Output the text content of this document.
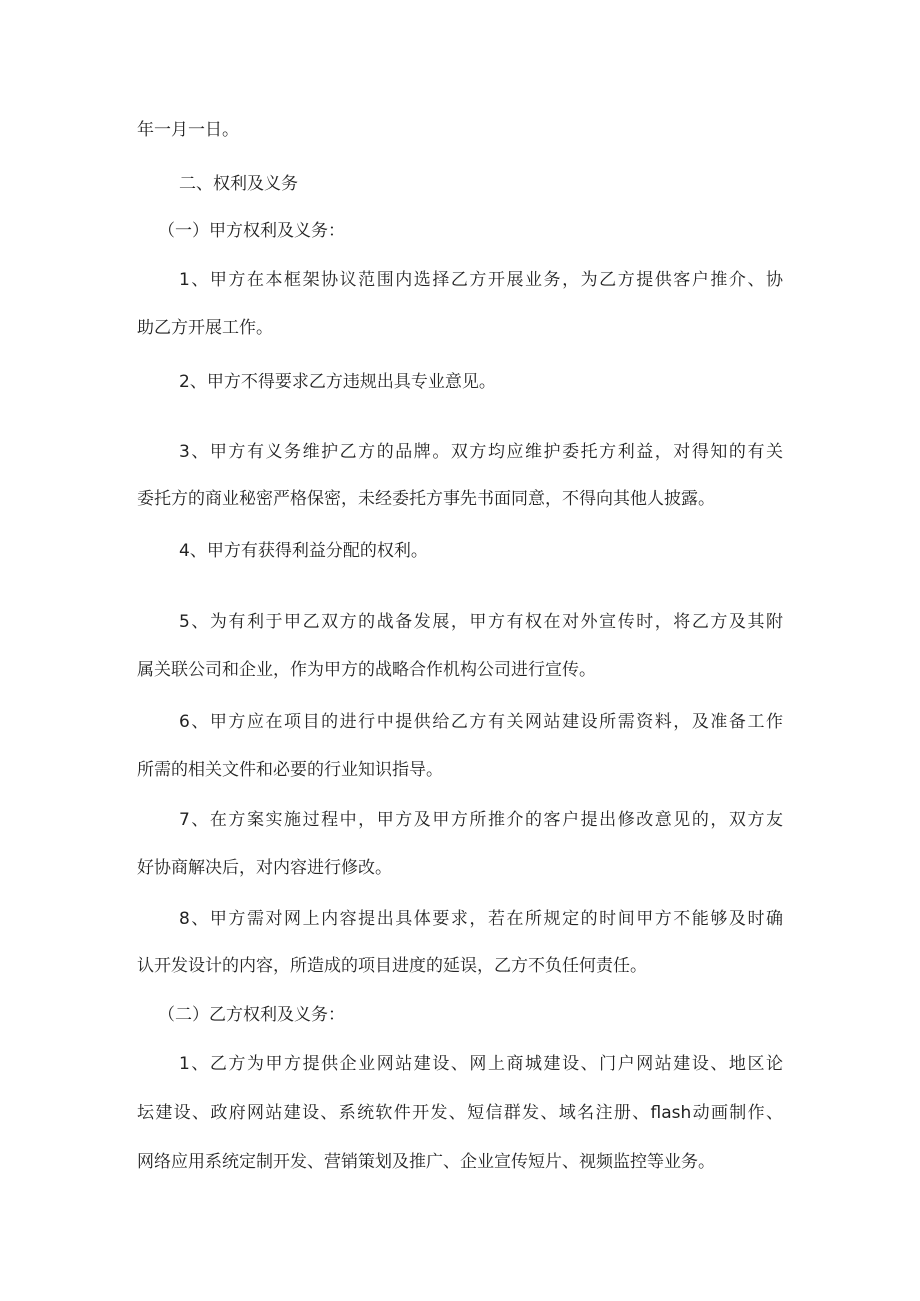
年一月一日。
二、权利及义务
（一）甲方权利及义务：
1、甲方在本框架协议范围内选择乙方开展业务，为乙方提供客户推介、协
助乙方开展工作。
2、甲方不得要求乙方违规出具专业意见。
3、甲方有义务维护乙方的品牌。双方均应维护委托方利益，对得知的有关
委托方的商业秘密严格保密，未经委托方事先书面同意，不得向其他人披露。
4、甲方有获得利益分配的权利。
5、为有利于甲乙双方的战备发展，甲方有权在对外宣传时，将乙方及其附
属关联公司和企业，作为甲方的战略合作机构公司进行宣传。
6、甲方应在项目的进行中提供给乙方有关网站建设所需资料，及准备工作
所需的相关文件和必要的行业知识指导。
7、在方案实施过程中，甲方及甲方所推介的客户提出修改意见的，双方友
好协商解决后，对内容进行修改。
8、甲方需对网上内容提出具体要求，若在所规定的时间甲方不能够及时确
认开发设计的内容，所造成的项目进度的延误，乙方不负任何责任。
（二）乙方权利及义务：
1、乙方为甲方提供企业网站建设、网上商城建设、门户网站建设、地区论
坛建设、政府网站建设、系统软件开发、短信群发、域名注册、flash动画制作、
网络应用系统定制开发、营销策划及推广、企业宣传短片、视频监控等业务。
